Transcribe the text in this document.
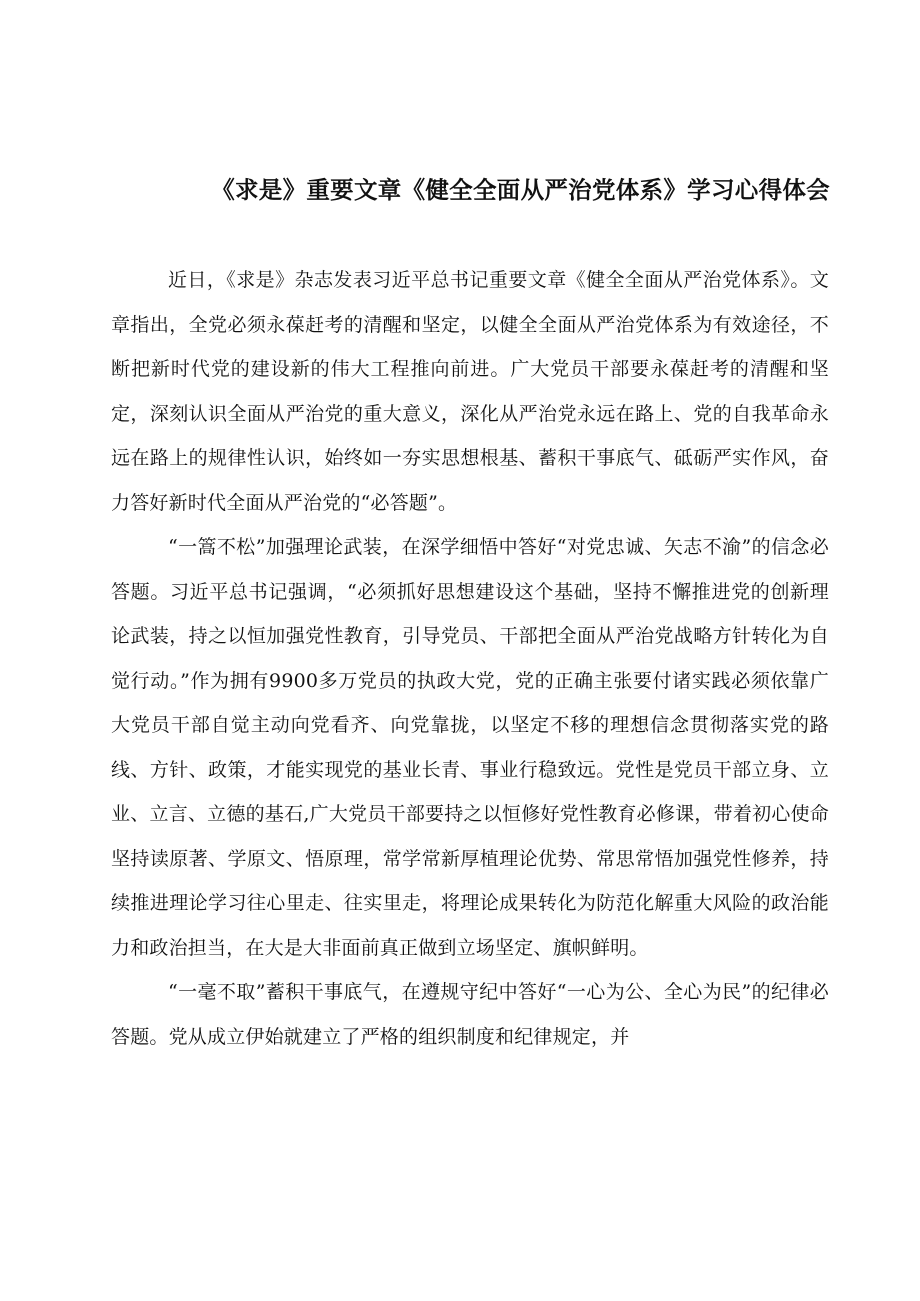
《求是》重要文章《健全全面从严治党体系》学习心得体会

近日，《求是》杂志发表习近平总书记重要文章《健全全面从严治党体系》。文章指出，全党必须永葆赶考的清醒和坚定，以健全全面从严治党体系为有效途径，不断把新时代党的建设新的伟大工程推向前进。广大党员干部要永葆赶考的清醒和坚定，深刻认识全面从严治党的重大意义，深化从严治党永远在路上、党的自我革命永远在路上的规律性认识，始终如一夯实思想根基、蓄积干事底气、砥砺严实作风，奋力答好新时代全面从严治党的“必答题”。

“一篙不松”加强理论武装，在深学细悟中答好“对党忠诚、矢志不渝”的信念必答题。习近平总书记强调，“必须抓好思想建设这个基础，坚持不懈推进党的创新理论武装，持之以恒加强党性教育，引导党员、干部把全面从严治党战略方针转化为自觉行动。”作为拥有9900多万党员的执政大党，党的正确主张要付诸实践必须依靠广大党员干部自觉主动向党看齐、向党靠拢，以坚定不移的理想信念贯彻落实党的路线、方针、政策，才能实现党的基业长青、事业行稳致远。党性是党员干部立身、立业、立言、立德的基石,广大党员干部要持之以恒修好党性教育必修课，带着初心使命坚持读原著、学原文、悟原理，常学常新厚植理论优势、常思常悟加强党性修养，持续推进理论学习往心里走、往实里走，将理论成果转化为防范化解重大风险的政治能力和政治担当，在大是大非面前真正做到立场坚定、旗帜鲜明。

“一毫不取”蓄积干事底气，在遵规守纪中答好“一心为公、全心为民”的纪律必答题。党从成立伊始就建立了严格的组织制度和纪律规定，并
